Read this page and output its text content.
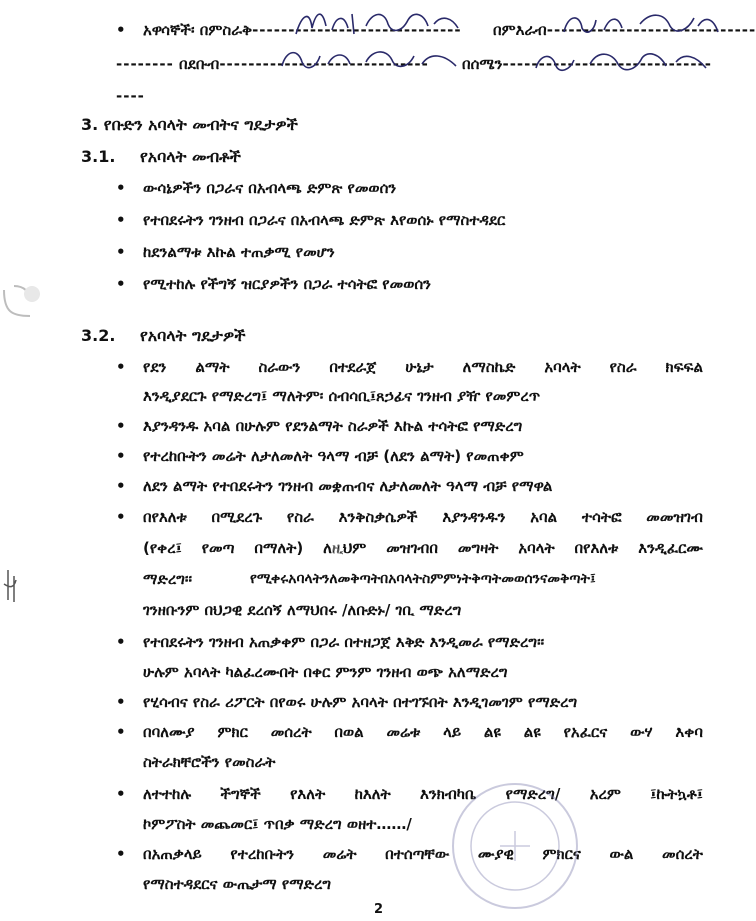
• አዋሳኞች፡ በምስራቅ----------------------------- በምእራብ-----------------------------
-------- በደቡብ----------------------------- በሰሜን-----------------------------
----
3. የቡድን አባላት መብትና ግዴታዎች
3.1. የአባላት መብቶች
• ውሳኔዎችን በጋራና በአብላጫ ድምጽ የመወሰን
• የተበደሩትን ገንዘብ በጋራና በአብላጫ ድምጽ እየወሰኑ የማስተዳደር
• ከደንልማቱ እኩል ተጠቃሚ የመሆን
• የሚተከሉ የችግኝ ዝርያዎችን በጋራ ተሳትፎ የመወሰን
3.2. የአባላት ግዴታዎች
• የደን ልማት ስራውን በተደራጀ ሁኔታ ለማስኬድ አባላት የስራ ክፍፍል
እንዲያደርጉ የማድረግ፤ ማለትም፡ ሰብሳቢ፤ጸኃፊና ገንዘብ ያዥ የመምረጥ
• እያንዳንዱ አባል በሁሉም የደንልማት ስራዎች እኩል ተሳትፎ የማድረግ
• የተረከቡትን መሬት ለታለመለት ዓላማ ብቻ (ለደን ልማት) የመጠቀም
• ለደን ልማት የተበደሩትን ገንዘብ መቋጠብና ለታለመለት ዓላማ ብቻ የማዋል
• በየእለቱ በሚደረጉ የስራ እንቅስቃሴዎች እያንዳንዱን አባል ተሳትፎ መመዝገብ
(የቀረ፤ የመጣ በማለት) ለዚህም መዝገብበ መግዛት አባላት በየእለቱ እንዲፈርሙ
ማድረግ፡፡	የሚቀሩአባላትንለመቅጣትበአባላትስምምነትቅጣትመወሰንናመቅጣት፤
ገንዘቡንም በህጋዊ ደረሰኝ ለማህበሩ /ለቡድኑ/ ገቢ ማድረግ
• የተበደሩትን ገንዘብ አጠቃቀም በጋራ በተዘጋጀ እቅድ እንዲመራ የማድረግ፡፡
ሁሉም አባላት ካልፈረሙበት በቀር ምንም ገንዘብ ወጭ አለማድረግ
• የሂሳብና የስራ ሪፖርት በየወሩ ሁሉም አባላት በተገኙበት እንዲገመገም የማድረግ
• በባለሙያ ምክር መሰረት በወል መሬቱ ላይ ልዩ ልዩ የአፈርና ውሃ እቀባ
ስትራክቸሮችን የመስራት
• ለተተከሉ ችግኞች የእለት ከእለት እንክብካቤ የማድረግ/ አረም ፤ኩትኳቶ፤
ኮምፖስት መጨመር፤ ጥበቃ ማድረግ ወዘተ……/
• በአጠቃላይ የተረከቡትን መሬት በተሰጣቸው ሙያዊ ምክርና ውል መሰረት
የማስተዳደርና ውጤታማ የማድረግ
2
